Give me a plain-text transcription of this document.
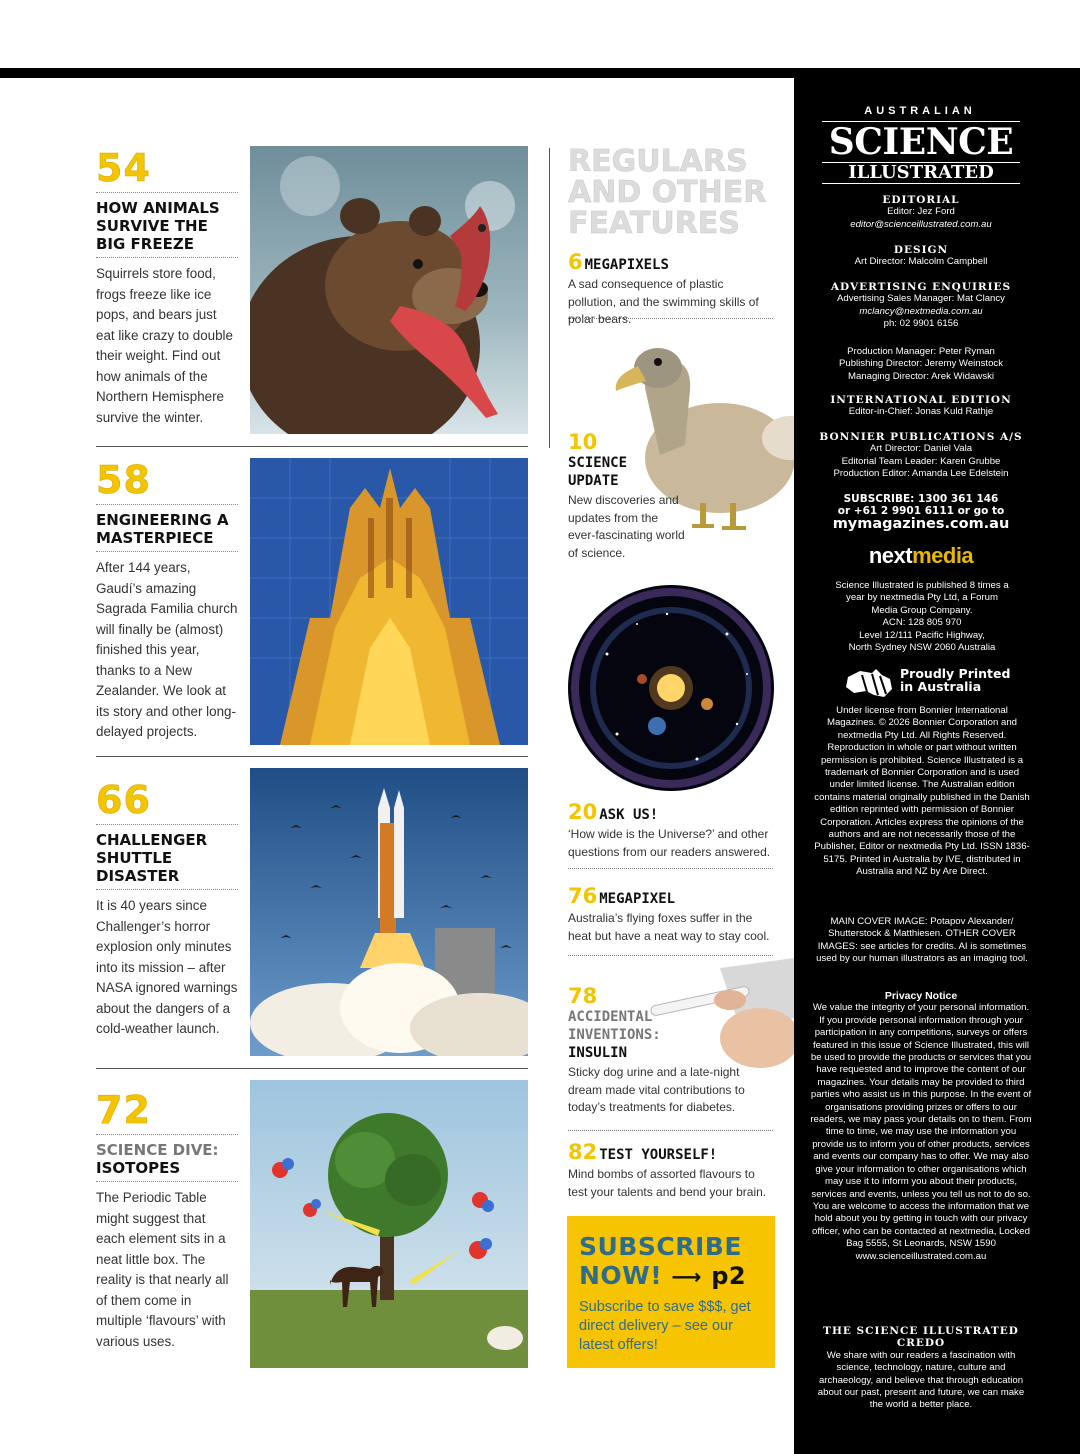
54
HOW ANIMALS
SURVIVE THE
BIG FREEZE
Squirrels store food, frogs freeze like ice pops, and bears just eat like crazy to double their weight. Find out how animals of the Northern Hemisphere survive the winter.
58
ENGINEERING A
MASTERPIECE
After 144 years, Gaudí’s amazing Sagrada Familia church will finally be (almost) finished this year, thanks to a New Zealander. We look at its story and other long-delayed projects.
66
CHALLENGER
SHUTTLE
DISASTER
It is 40 years since Challenger’s horror explosion only minutes into its mission – after NASA ignored warnings about the dangers of a cold-weather launch.
72
SCIENCE DIVE:
ISOTOPES
The Periodic Table might suggest that each element sits in a neat little box. The reality is that nearly all of them come in multiple ‘flavours’ with various uses.
REGULARS
AND OTHER
FEATURES
6 MEGAPIXELS
A sad consequence of plastic pollution, and the swimming skills of polar bears.
10
SCIENCE
UPDATE
New discoveries and updates from the ever-fascinating world of science.
20 ASK US!
‘How wide is the Universe?’ and other questions from our readers answered.
76 MEGAPIXEL
Australia’s flying foxes suffer in the heat but have a neat way to stay cool.
78
ACCIDENTAL
INVENTIONS:
INSULIN
Sticky dog urine and a late-night dream made vital contributions to today’s treatments for diabetes.
82 TEST YOURSELF!
Mind bombs of assorted flavours to test your talents and bend your brain.
SUBSCRIBE
NOW! ⟶ p2
Subscribe to save $$$, get direct delivery – see our latest offers!
AUSTRALIAN
SCIENCE
ILLUSTRATED
EDITORIAL
Editor: Jez Ford
editor@scienceillustrated.com.au
DESIGN
Art Director: Malcolm Campbell
ADVERTISING ENQUIRIES
Advertising Sales Manager: Mat Clancy
mclancy@nextmedia.com.au
ph: 02 9901 6156
Production Manager: Peter Ryman
Publishing Director: Jeremy Weinstock
Managing Director: Arek Widawski
INTERNATIONAL EDITION
Editor-in-Chief: Jonas Kuld Rathje
BONNIER PUBLICATIONS A/S
Art Director: Daniel Vala
Editorial Team Leader: Karen Grubbe
Production Editor: Amanda Lee Edelstein
SUBSCRIBE: 1300 361 146
or +61 2 9901 6111 or go to
mymagazines.com.au
nextmedia
Science Illustrated is published 8 times a year by nextmedia Pty Ltd, a Forum Media Group Company.
ACN: 128 805 970
Level 12/111 Pacific Highway,
North Sydney NSW 2060 Australia
Proudly Printed
in Australia
Under license from Bonnier International Magazines. © 2026 Bonnier Corporation and nextmedia Pty Ltd. All Rights Reserved. Reproduction in whole or part without written permission is prohibited. Science Illustrated is a trademark of Bonnier Corporation and is used under limited license. The Australian edition contains material originally published in the Danish edition reprinted with permission of Bonnier Corporation. Articles express the opinions of the authors and are not necessarily those of the Publisher, Editor or nextmedia Pty Ltd. ISSN 1836-5175. Printed in Australia by IVE, distributed in Australia and NZ by Are Direct.
MAIN COVER IMAGE: Potapov Alexander/ Shutterstock & Matthiesen. OTHER COVER IMAGES: see articles for credits. AI is sometimes used by our human illustrators as an imaging tool.
Privacy Notice
We value the integrity of your personal information. If you provide personal information through your participation in any competitions, surveys or offers featured in this issue of Science Illustrated, this will be used to provide the products or services that you have requested and to improve the content of our magazines. Your details may be provided to third parties who assist us in this purpose. In the event of organisations providing prizes or offers to our readers, we may pass your details on to them. From time to time, we may use the information you provide us to inform you of other products, services and events our company has to offer. We may also give your information to other organisations which may use it to inform you about their products, services and events, unless you tell us not to do so. You are welcome to access the information that we hold about you by getting in touch with our privacy officer, who can be contacted at nextmedia, Locked Bag 5555, St Leonards, NSW 1590
www.scienceillustrated.com.au
THE SCIENCE ILLUSTRATED CREDO
We share with our readers a fascination with science, technology, nature, culture and archaeology, and believe that through education about our past, present and future, we can make the world a better place.
